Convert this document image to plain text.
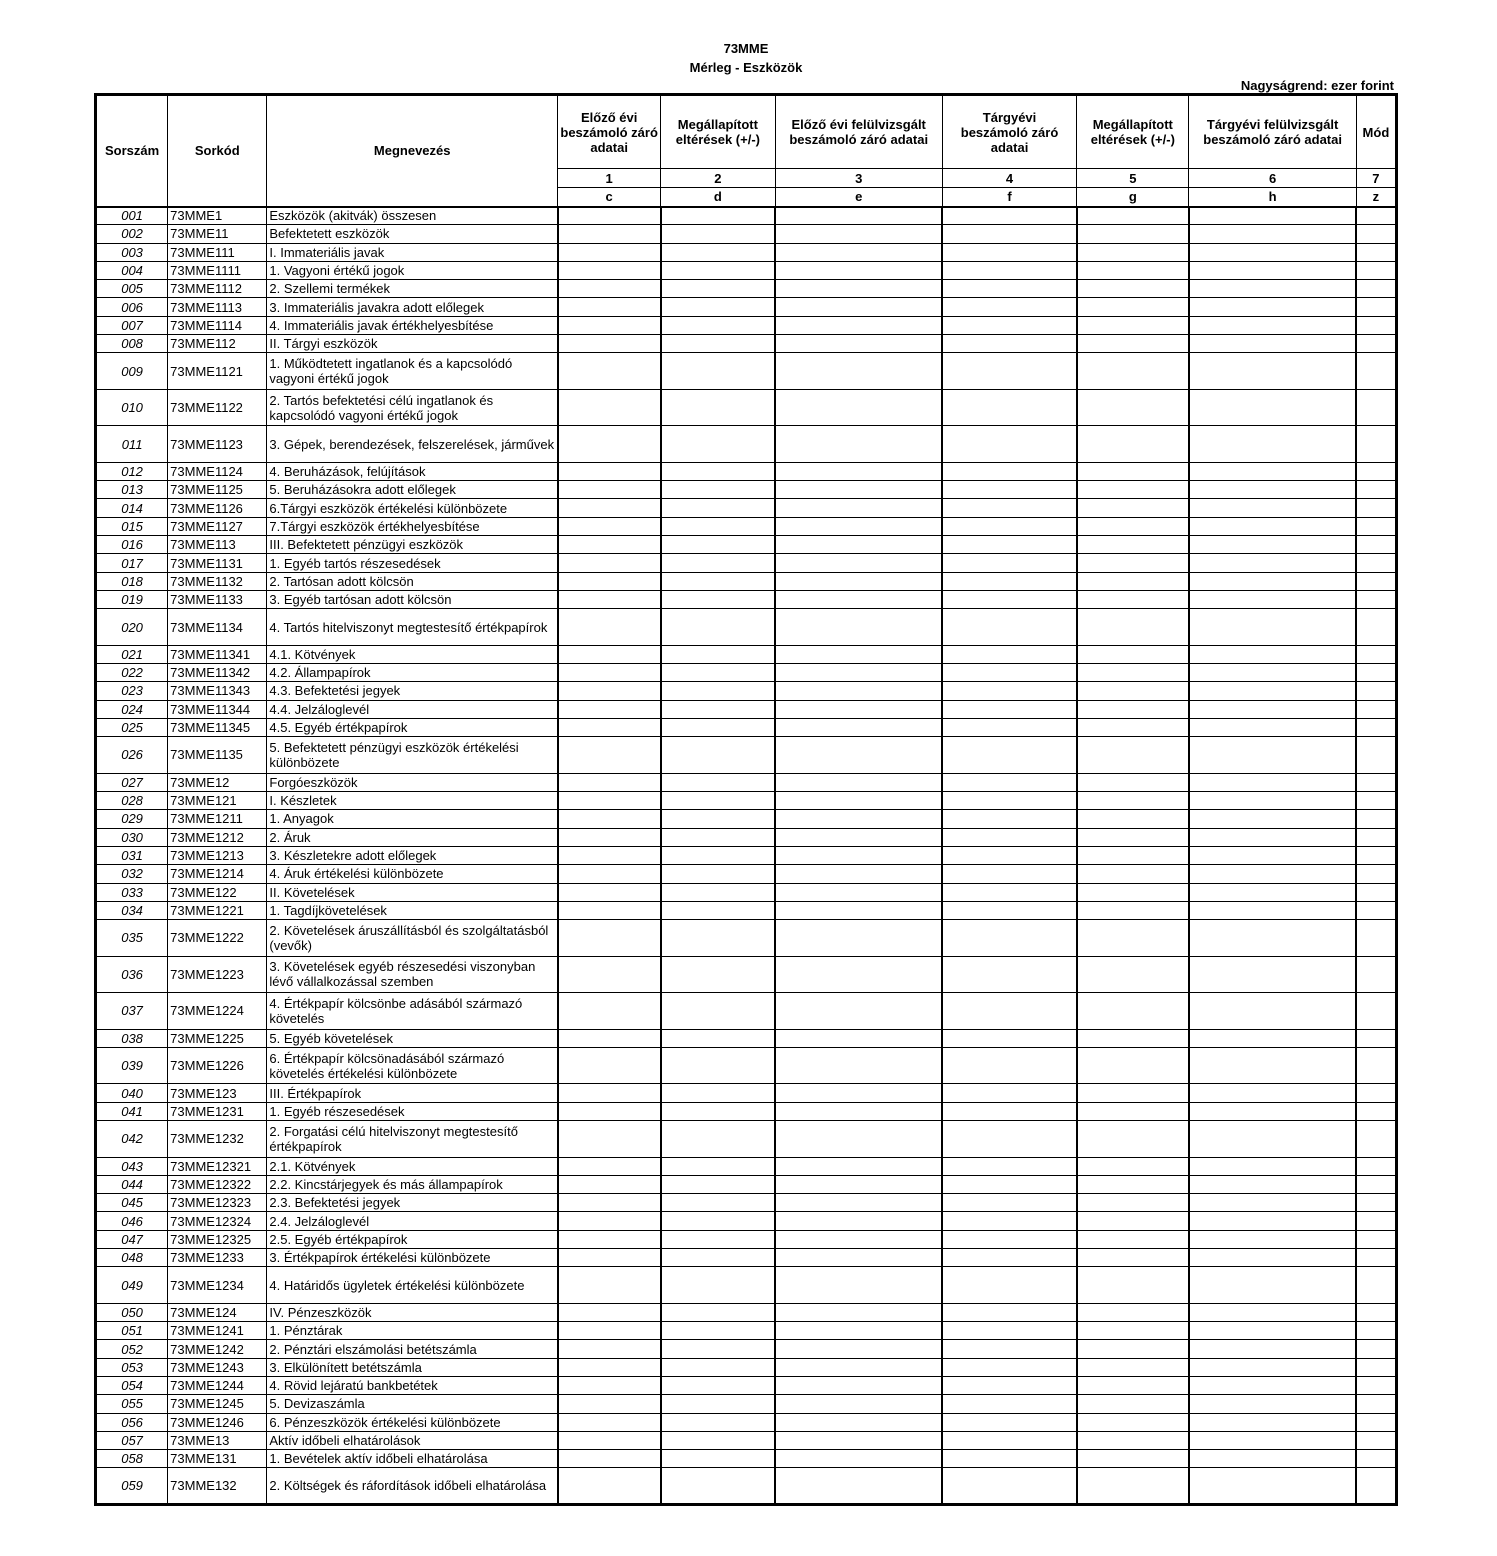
73MME
Mérleg - Eszközök
Nagyságrend: ezer forint
Sorszám	Sorkód	Megnevezés	Előző évi beszámoló záró adatai	Megállapított eltérések (+/-)	Előző évi felülvizsgált beszámoló záró adatai	Tárgyévi beszámoló záró adatai	Megállapított eltérések (+/-)	Tárgyévi felülvizsgált beszámoló záró adatai	Mód
			1	2	3	4	5	6	7
			c	d	e	f	g	h	z
001	73MME1	Eszközök (akitvák) összesen							
002	73MME11	Befektetett eszközök							
003	73MME111	I. Immateriális javak							
004	73MME1111	1. Vagyoni értékű jogok							
005	73MME1112	2. Szellemi termékek							
006	73MME1113	3. Immateriális javakra adott előlegek							
007	73MME1114	4. Immateriális javak értékhelyesbítése							
008	73MME112	II. Tárgyi eszközök							
009	73MME1121	1. Működtetett ingatlanok és a kapcsolódó vagyoni értékű jogok							
010	73MME1122	2. Tartós befektetési célú ingatlanok és kapcsolódó vagyoni értékű jogok							
011	73MME1123	3. Gépek, berendezések, felszerelések, járművek							
012	73MME1124	4. Beruházások, felújítások							
013	73MME1125	5. Beruházásokra adott előlegek							
014	73MME1126	6.Tárgyi eszközök értékelési különbözete							
015	73MME1127	7.Tárgyi eszközök értékhelyesbítése							
016	73MME113	III. Befektetett pénzügyi eszközök							
017	73MME1131	1. Egyéb tartós részesedések							
018	73MME1132	2. Tartósan adott kölcsön							
019	73MME1133	3. Egyéb tartósan adott kölcsön							
020	73MME1134	4. Tartós hitelviszonyt megtestesítő értékpapírok							
021	73MME11341	4.1. Kötvények							
022	73MME11342	4.2. Állampapírok							
023	73MME11343	4.3. Befektetési jegyek							
024	73MME11344	4.4. Jelzáloglevél							
025	73MME11345	4.5. Egyéb értékpapírok							
026	73MME1135	5. Befektetett pénzügyi eszközök értékelési különbözete							
027	73MME12	Forgóeszközök							
028	73MME121	I. Készletek							
029	73MME1211	1. Anyagok							
030	73MME1212	2. Áruk							
031	73MME1213	3. Készletekre adott előlegek							
032	73MME1214	4. Áruk értékelési különbözete							
033	73MME122	II. Követelések							
034	73MME1221	1. Tagdíjkövetelések							
035	73MME1222	2. Követelések áruszállításból és szolgáltatásból (vevők)							
036	73MME1223	3. Követelések egyéb részesedési viszonyban lévő vállalkozással szemben							
037	73MME1224	4. Értékpapír kölcsönbe adásából származó követelés							
038	73MME1225	5. Egyéb követelések							
039	73MME1226	6. Értékpapír kölcsönadásából származó követelés értékelési különbözete							
040	73MME123	III. Értékpapírok							
041	73MME1231	1. Egyéb részesedések							
042	73MME1232	2. Forgatási célú hitelviszonyt megtestesítő értékpapírok							
043	73MME12321	2.1. Kötvények							
044	73MME12322	2.2. Kincstárjegyek és más állampapírok							
045	73MME12323	2.3. Befektetési jegyek							
046	73MME12324	2.4. Jelzáloglevél							
047	73MME12325	2.5. Egyéb értékpapírok							
048	73MME1233	3. Értékpapírok értékelési különbözete							
049	73MME1234	4. Határidős ügyletek értékelési különbözete							
050	73MME124	IV. Pénzeszközök							
051	73MME1241	1. Pénztárak							
052	73MME1242	2. Pénztári elszámolási betétszámla							
053	73MME1243	3. Elkülönített betétszámla							
054	73MME1244	4. Rövid lejáratú bankbetétek							
055	73MME1245	5. Devizaszámla							
056	73MME1246	6. Pénzeszközök értékelési különbözete							
057	73MME13	Aktív időbeli elhatárolások							
058	73MME131	1. Bevételek aktív időbeli elhatárolása							
059	73MME132	2. Költségek és ráfordítások időbeli elhatárolása							
